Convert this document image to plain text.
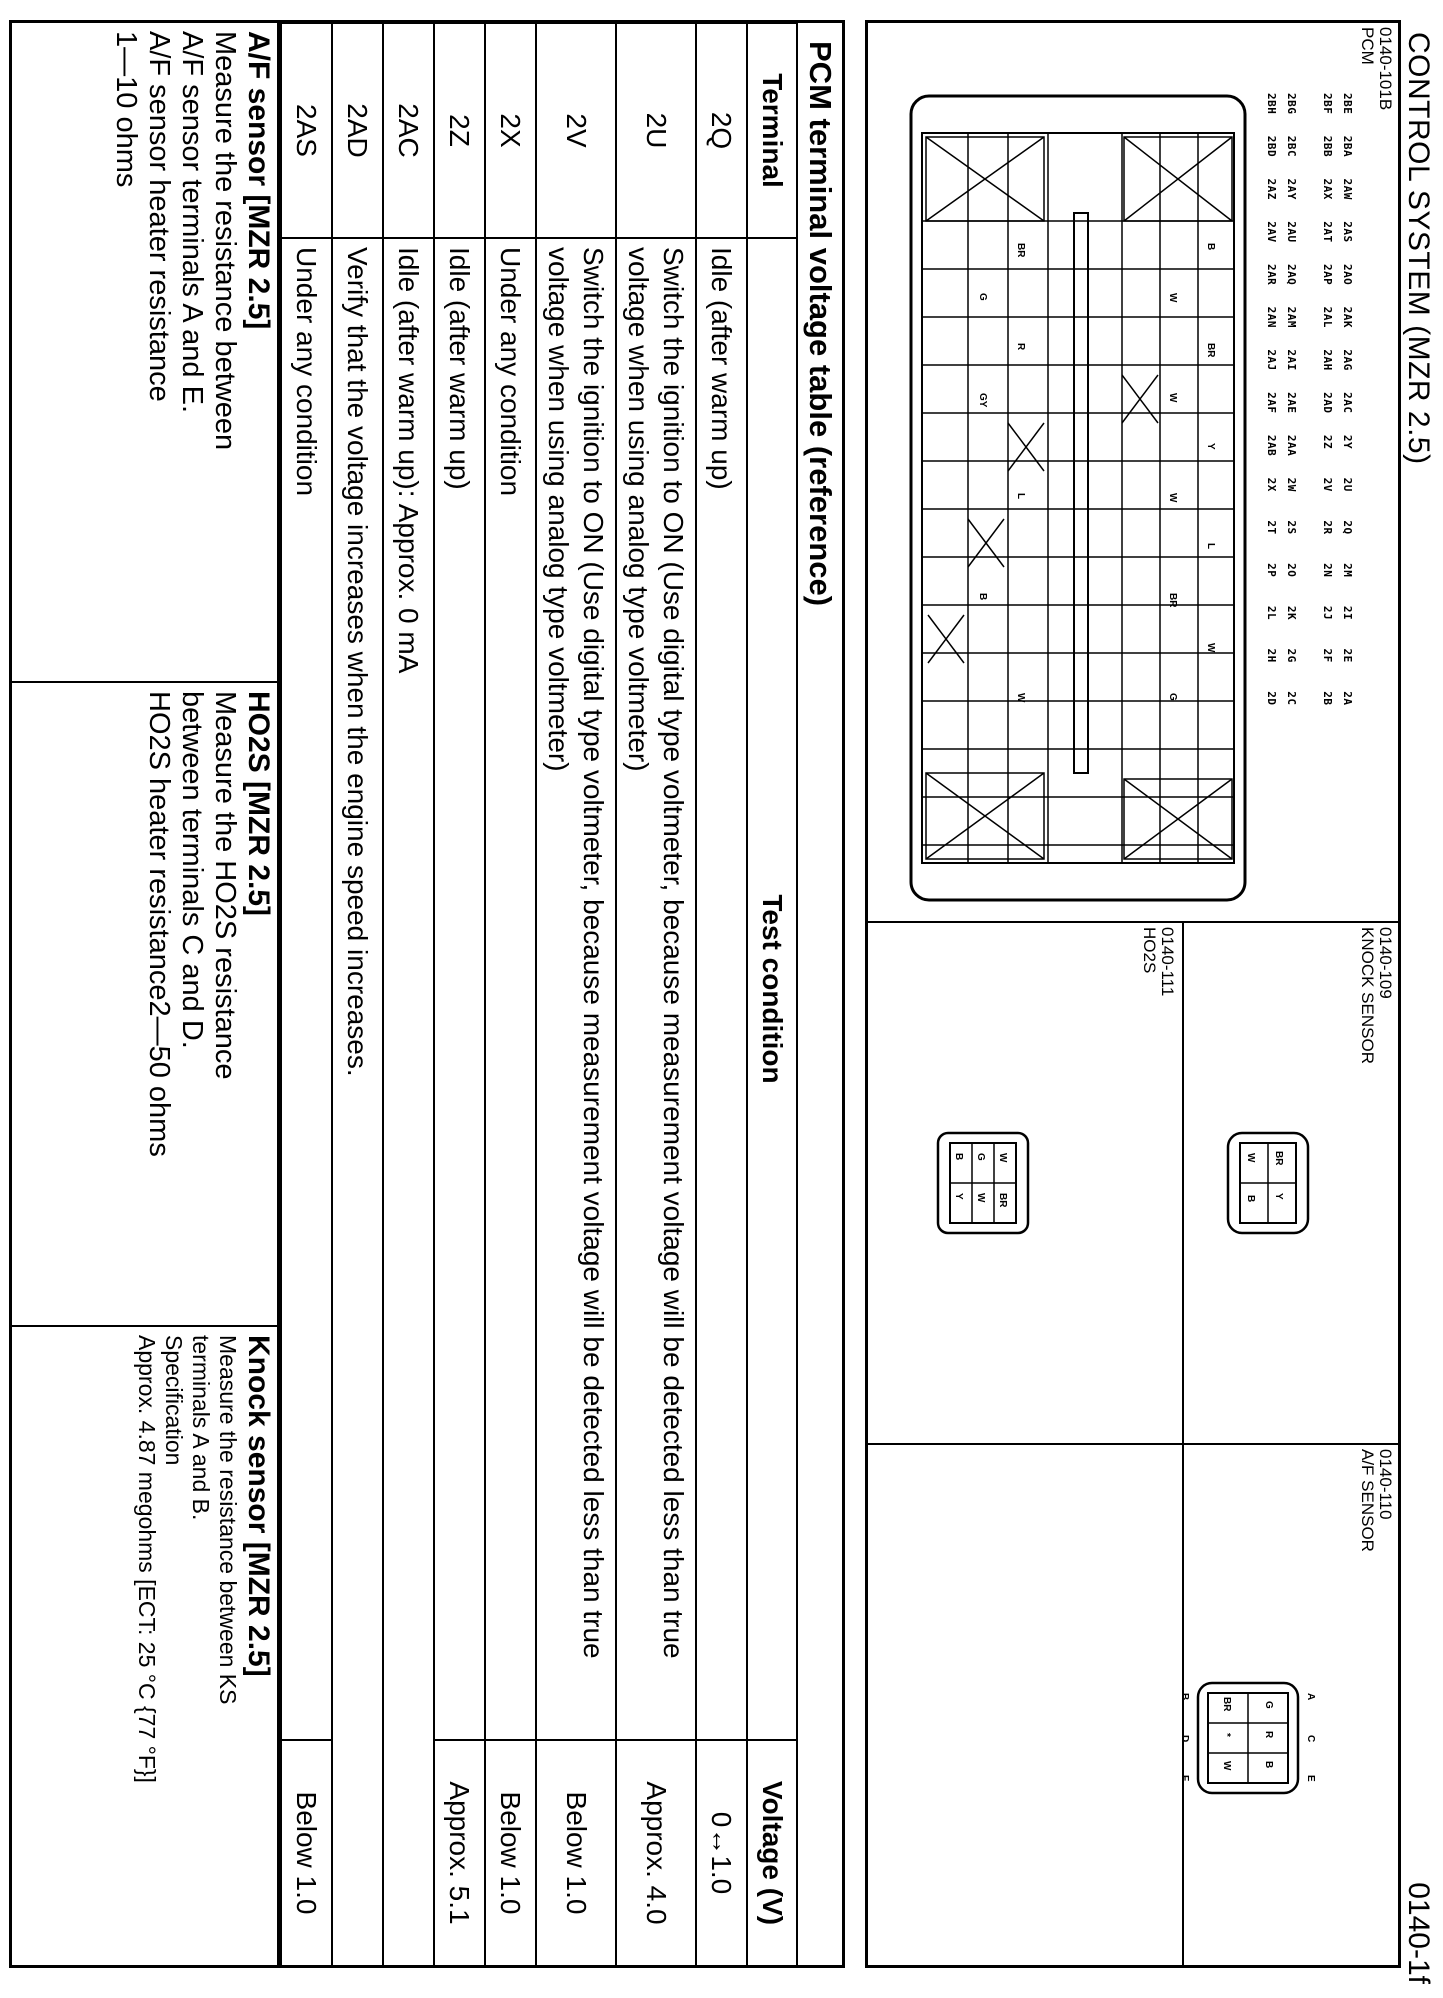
CONTROL SYSTEM (MZR 2.5)
0140-1f
0140-101B
PCM
2BE   2BA   2AW   2AS   2AO   2AK   2AG   2AC   2Y    2U    2Q    2M    2I    2E    2A
2BF   2BB   2AX   2AT   2AP   2AL   2AH   2AD   2Z    2V    2R    2N    2J    2F    2B
2BG   2BC   2AY   2AU   2AQ   2AM   2AI   2AE   2AA   2W    2S    2O    2K    2G    2C
2BH   2BD   2AZ   2AV   2AR   2AN   2AJ   2AF   2AB   2X    2T    2P    2L    2H    2D
B
W
BR
W
Y
W
L
BR
W
G
BR
G
R
GY
L
B
W
0140-109
KNOCK SENSOR
BR
Y
W
B
0140-111
HO2S
W
BR
G
W
B
Y
0140-110
A/F SENSOR
G
R
B
BR
*
W
A
C
E
B
D
F
PCM terminal voltage table (reference)
Terminal	Test condition	Voltage (V)
2Q	Idle (after warm up)	0↔1.0
2U	Switch the ignition to ON (Use digital type voltmeter, because measurement voltage will be detected less than true voltage when using analog type voltmeter)	Approx. 4.0
2V	Switch the ignition to ON (Use digital type voltmeter, because measurement voltage will be detected less than true voltage when using analog type voltmeter)	Below 1.0
2X	Under any condition	Below 1.0
2Z	Idle (after warm up)	Approx. 5.1
2AC	Idle (after warm up): Approx. 0 mA	
2AD	Verify that the voltage increases when the engine speed increases.	
2AS	Under any condition	Below 1.0
A/F sensor [MZR 2.5]
Measure the resistance between
A/F sensor terminals A and E.
A/F sensor heater resistance
1—10 ohms
HO2S [MZR 2.5]
Measure the HO2S resistance
between terminals C and D.
HO2S heater resistance2—50 ohms
Knock sensor [MZR 2.5]
Measure the resistance between KS
terminals A and B.
Specification
Approx. 4.87 megohms [ECT: 25 °C {77 °F}]
